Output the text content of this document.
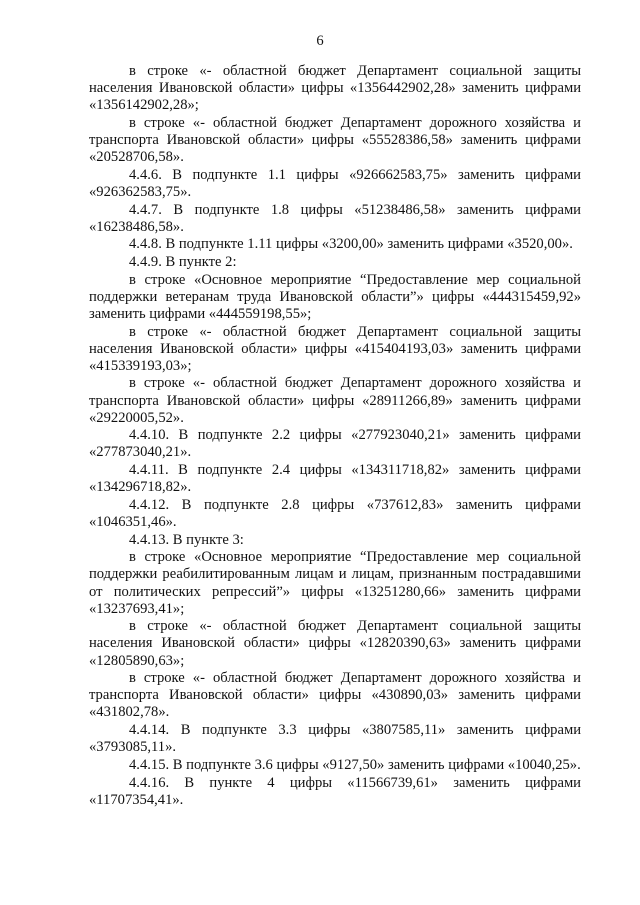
6

в строке «- областной бюджет Департамент социальной защиты населения Ивановской области» цифры «1356442902,28» заменить цифрами «1356142902,28»;

в строке «- областной бюджет Департамент дорожного хозяйства и транспорта Ивановской области» цифры «55528386,58» заменить цифрами «20528706,58».

4.4.6. В подпункте 1.1 цифры «926662583,75» заменить цифрами «926362583,75».

4.4.7. В подпункте 1.8 цифры «51238486,58» заменить цифрами «16238486,58».

4.4.8. В подпункте 1.11 цифры «3200,00» заменить цифрами «3520,00».

4.4.9. В пункте 2:

в строке «Основное мероприятие “Предоставление мер социальной поддержки ветеранам труда Ивановской области”» цифры «444315459,92» заменить цифрами «444559198,55»;

в строке «- областной бюджет Департамент социальной защиты населения Ивановской области» цифры «415404193,03» заменить цифрами «415339193,03»;

в строке «- областной бюджет Департамент дорожного хозяйства и транспорта Ивановской области» цифры «28911266,89» заменить цифрами «29220005,52».

4.4.10. В подпункте 2.2 цифры «277923040,21» заменить цифрами «277873040,21».

4.4.11. В подпункте 2.4 цифры «134311718,82» заменить цифрами «134296718,82».

4.4.12. В подпункте 2.8 цифры «737612,83» заменить цифрами «1046351,46».

4.4.13. В пункте 3:

в строке «Основное мероприятие “Предоставление мер социальной поддержки реабилитированным лицам и лицам, признанным пострадавшими от политических репрессий”» цифры «13251280,66» заменить цифрами «13237693,41»;

в строке «- областной бюджет Департамент социальной защиты населения Ивановской области» цифры «12820390,63» заменить цифрами «12805890,63»;

в строке «- областной бюджет Департамент дорожного хозяйства и транспорта Ивановской области» цифры «430890,03» заменить цифрами «431802,78».

4.4.14. В подпункте 3.3 цифры «3807585,11» заменить цифрами «3793085,11».

4.4.15. В подпункте 3.6 цифры «9127,50» заменить цифрами «10040,25».

4.4.16. В пункте 4 цифры «11566739,61» заменить цифрами «11707354,41».
